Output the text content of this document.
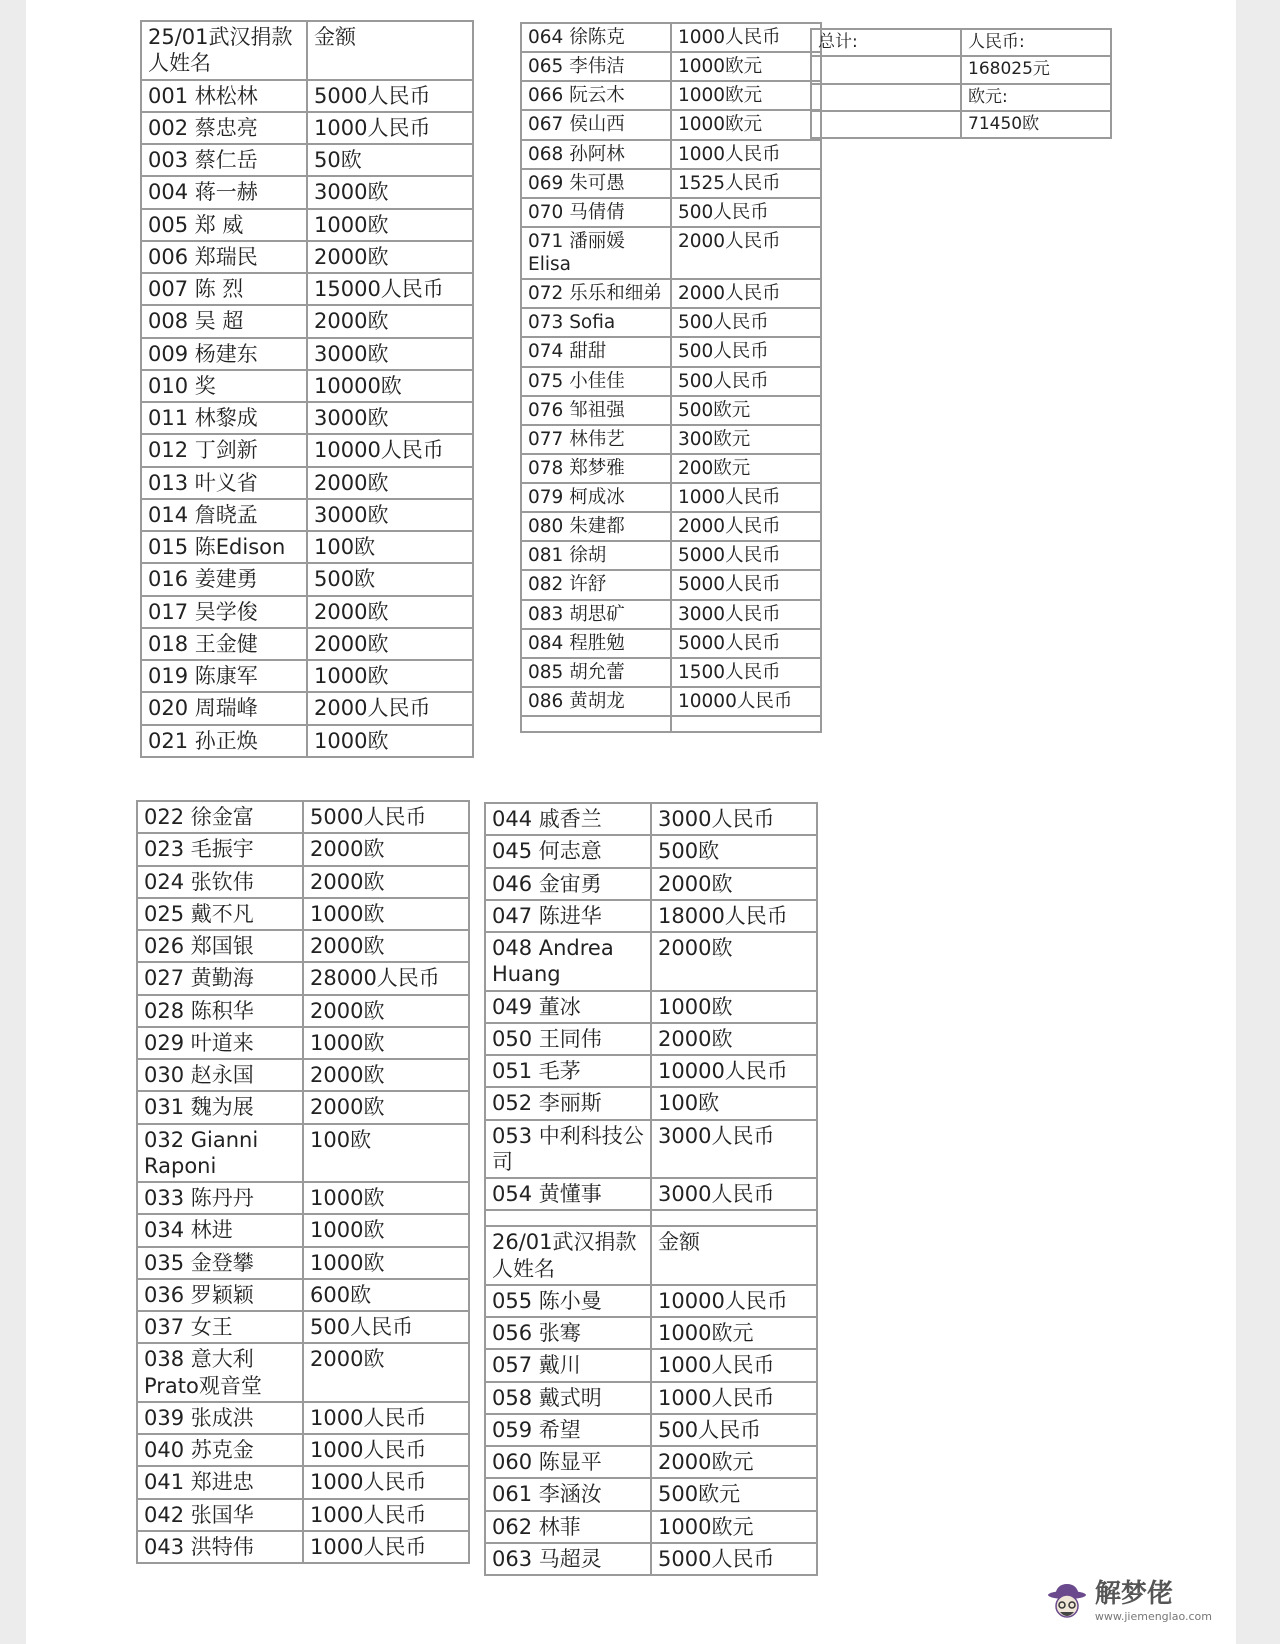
25/01武汉捐款人姓名	金额
001 林松林	5000人民币
002 蔡忠亮	1000人民币
003 蔡仁岳	50欧
004 蒋一赫	3000欧
005 郑 威	1000欧
006 郑瑞民	2000欧
007 陈 烈	15000人民币
008 吴 超	2000欧
009 杨建东	3000欧
010 奖	10000欧
011 林黎成	3000欧
012 丁剑新	10000人民币
013 叶义省	2000欧
014 詹晓孟	3000欧
015 陈Edison	100欧
016 姜建勇	500欧
017 吴学俊	2000欧
018 王金健	2000欧
019 陈康军	1000欧
020 周瑞峰	2000人民币
021 孙正焕	1000欧
064 徐陈克	1000人民币
065 李伟洁	1000欧元
066 阮云木	1000欧元
067 侯山西	1000欧元
068 孙阿林	1000人民币
069 朱可愚	1525人民币
070 马倩倩	500人民币
071 潘丽媛Elisa	2000人民币
072 乐乐和细弟	2000人民币
073 Sofia	500人民币
074 甜甜	500人民币
075 小佳佳	500人民币
076 邹祖强	500欧元
077 林伟艺	300欧元
078 郑梦雅	200欧元
079 柯成冰	1000人民币
080 朱建都	2000人民币
081 徐胡	5000人民币
082 许舒	5000人民币
083 胡思矿	3000人民币
084 程胜勉	5000人民币
085 胡允蕾	1500人民币
086 黄胡龙	10000人民币

总计:	人民币:
	168025元
	欧元:
	71450欧
022 徐金富	5000人民币
023 毛振宇	2000欧
024 张钦伟	2000欧
025 戴不凡	1000欧
026 郑国银	2000欧
027 黄勤海	28000人民币
028 陈积华	2000欧
029 叶道来	1000欧
030 赵永国	2000欧
031 魏为展	2000欧
032 Gianni Raponi	100欧
033 陈丹丹	1000欧
034 林进	1000欧
035 金登攀	1000欧
036 罗颖颖	600欧
037 女王	500人民币
038 意大利Prato观音堂	2000欧
039 张成洪	1000人民币
040 苏克金	1000人民币
041 郑进忠	1000人民币
042 张国华	1000人民币
043 洪特伟	1000人民币
044 戚香兰	3000人民币
045 何志意	500欧
046 金宙勇	2000欧
047 陈进华	18000人民币
048 Andrea Huang	2000欧
049 董冰	1000欧
050 王同伟	2000欧
051 毛茅	10000人民币
052 李丽斯	100欧
053 中利科技公司	3000人民币
054 黄懂事	3000人民币

26/01武汉捐款人姓名	金额
055 陈小曼	10000人民币
056 张骞	1000欧元
057 戴川	1000人民币
058 戴式明	1000人民币
059 希望	500人民币
060 陈显平	2000欧元
061 李涵汝	500欧元
062 林菲	1000欧元
063 马超灵	5000人民币
解梦佬
www.jiemenglao.com
